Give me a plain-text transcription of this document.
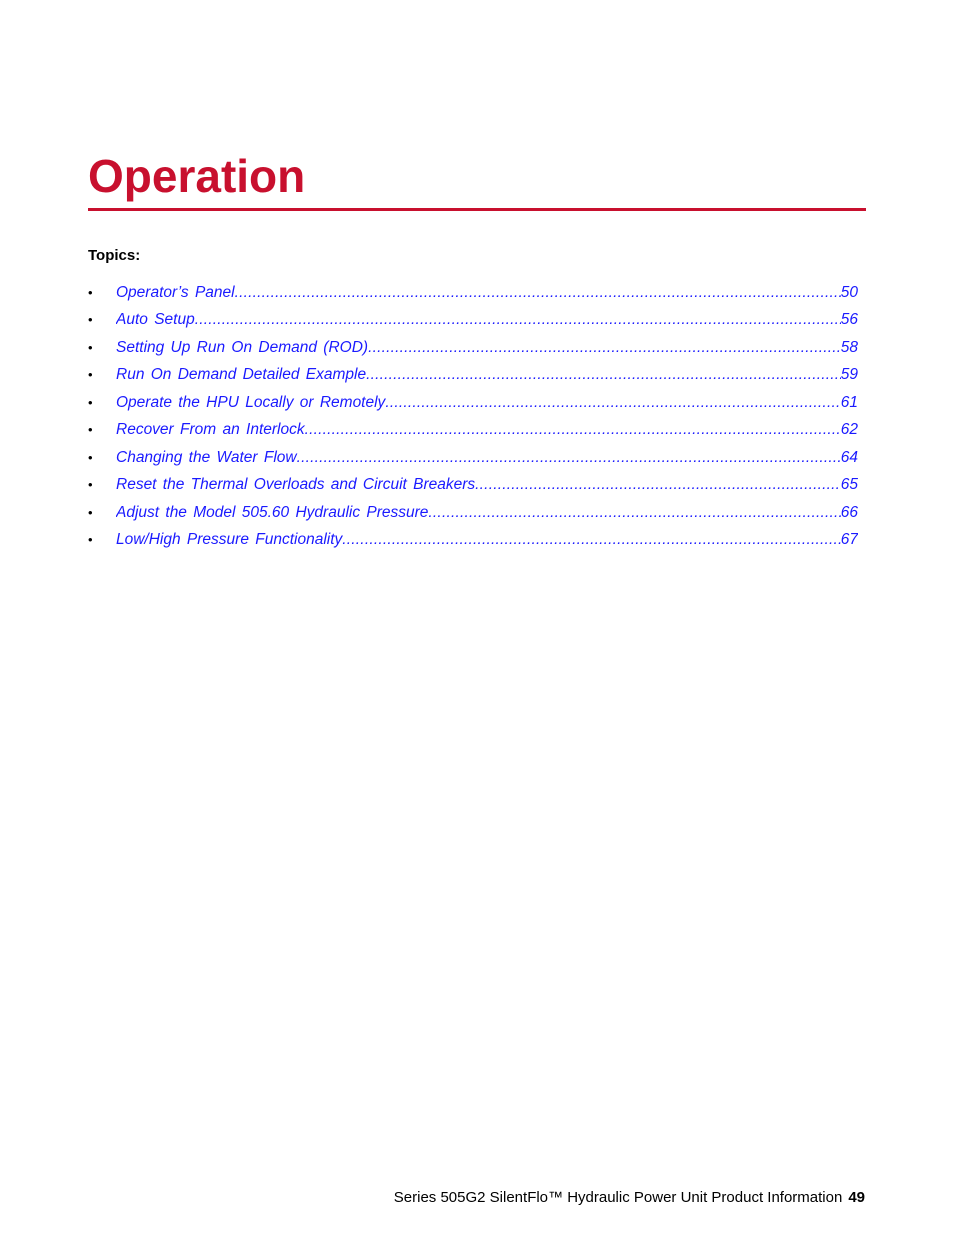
Operation
Topics:
•	Operator’s Panel .....	50
•	Auto Setup .....	56
•	Setting Up Run On Demand (ROD) .....	58
•	Run On Demand Detailed Example .....	59
•	Operate the HPU Locally or Remotely .....	61
•	Recover From an Interlock .....	62
•	Changing the Water Flow .....	64
•	Reset the Thermal Overloads and Circuit Breakers .....	65
•	Adjust the Model 505.60 Hydraulic Pressure .....	66
•	Low/High Pressure Functionality .....	67
Series 505G2 SilentFlo™ Hydraulic Power Unit Product Information 49
